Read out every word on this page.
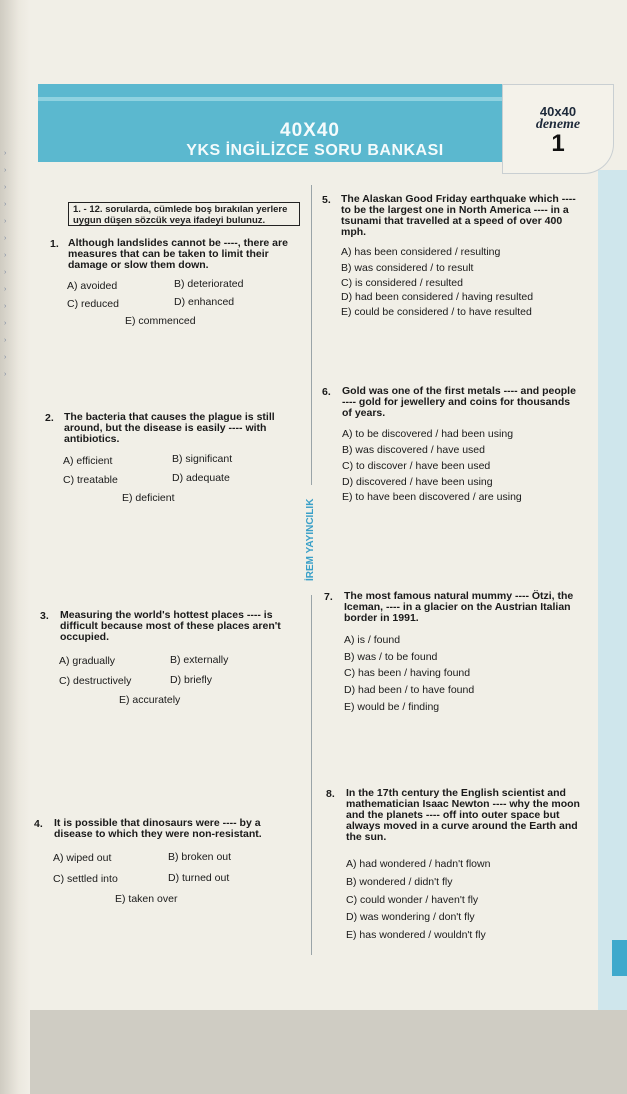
›
›
›
›
›
›
›
›
›
›
›
›
›
›
40X40
YKS İNGİLİZCE SORU BANKASI
40x40
deneme
1
1. - 12. sorularda, cümlede boş bırakılan yerlere uygun düşen sözcük veya ifadeyi bulunuz.
İREM YAYINCILIK
1. Although landslides cannot be ----, there are measures that can be taken to limit their damage or slow them down.
A) avoided	B) deteriorated
C) reduced	D) enhanced
E) commenced
2. The bacteria that causes the plague is still around, but the disease is easily ---- with antibiotics.
A) efficient	B) significant
C) treatable	D) adequate
E) deficient
3. Measuring the world's hottest places ---- is difficult because most of these places aren't occupied.
A) gradually	B) externally
C) destructively	D) briefly
E) accurately
4. It is possible that dinosaurs were ---- by a disease to which they were non-resistant.
A) wiped out	B) broken out
C) settled into	D) turned out
E) taken over
5. The Alaskan Good Friday earthquake which ---- to be the largest one in North America ---- in a tsunami that travelled at a speed of over 400 mph.
A) has been considered / resulting
B) was considered / to result
C) is considered / resulted
D) had been considered / having resulted
E) could be considered / to have resulted
6. Gold was one of the first metals ---- and people ---- gold for jewellery and coins for thousands of years.
A) to be discovered / had been using
B) was discovered / have used
C) to discover / have been used
D) discovered / have been using
E) to have been discovered / are using
7. The most famous natural mummy ---- Ötzi, the Iceman, ---- in a glacier on the Austrian Italian border in 1991.
A) is / found
B) was / to be found
C) has been / having found
D) had been / to have found
E) would be / finding
8. In the 17th century the English scientist and mathematician Isaac Newton ---- why the moon and the planets ---- off into outer space but always moved in a curve around the Earth and the sun.
A) had wondered / hadn't flown
B) wondered / didn't fly
C) could wonder / haven't fly
D) was wondering / don't fly
E) has wondered / wouldn't fly
